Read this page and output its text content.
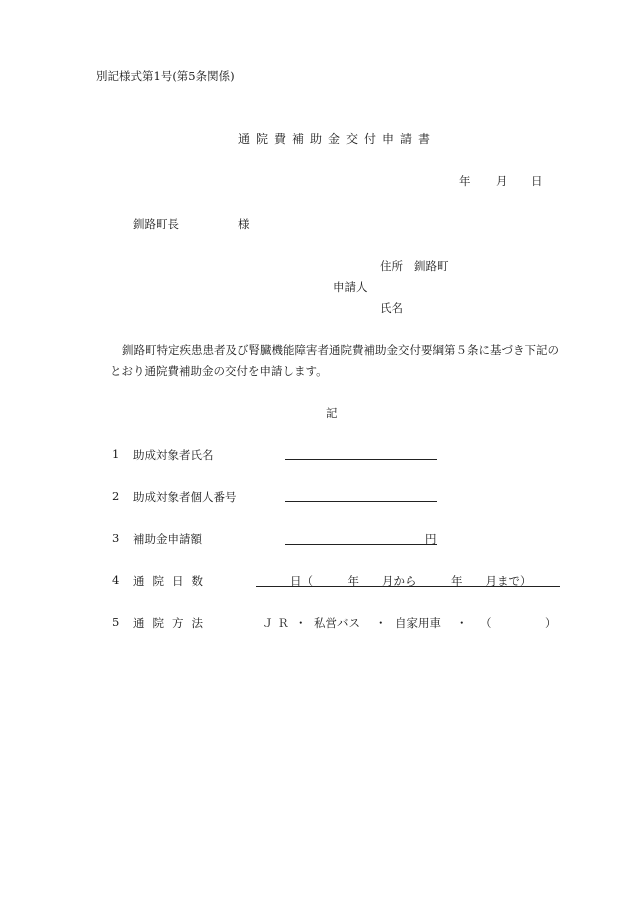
別記様式第1号(第5条関係)
通院費補助金交付申請書
年 月 日
釧路町長	様
住所 釧路町
申請人
氏名
釧路町特定疾患患者及び腎臓機能障害者通院費補助金交付要綱第５条に基づき下記の
とおり通院費補助金の交付を申請します。
記
1 助成対象者氏名
2 助成対象者個人番号
3 補助金申請額	円
4 通院日数	日（　　　年　　月から　　　年　　月まで）
5 通院方法	ＪＲ ・ 私営バス ・ 自家用車 ・ （	）
